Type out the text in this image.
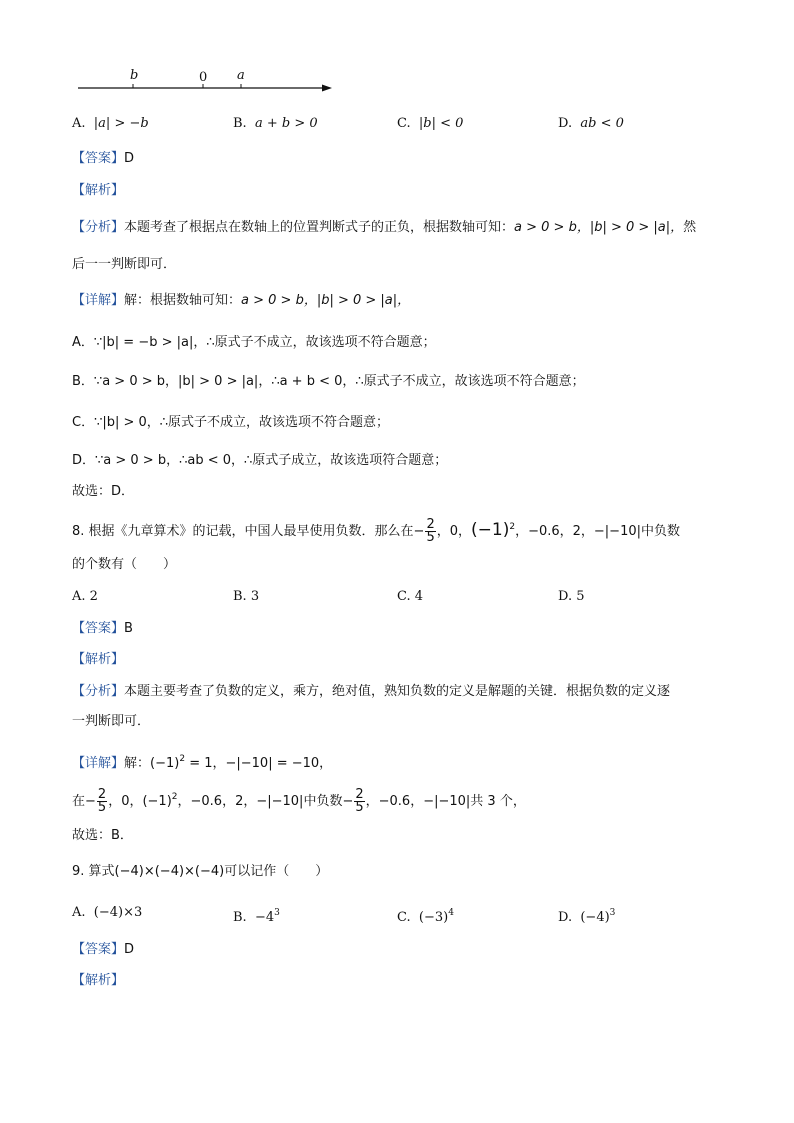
b	0 a
A. |a| > −b	B. a + b > 0	C. |b| < 0	D. ab < 0
【答案】D
【解析】
【分析】本题考查了根据点在数轴上的位置判断式子的正负，根据数轴可知：a > 0 > b，|b| > 0 > |a|，然
后一一判断即可．
【详解】解：根据数轴可知：a > 0 > b，|b| > 0 > |a|，
A．∵|b| = −b > |a|，∴原式子不成立，故该选项不符合题意；
B．∵a > 0 > b，|b| > 0 > |a|，∴a + b < 0，∴原式子不成立，故该选项不符合题意；
C．∵|b| > 0，∴原式子不成立，故该选项不符合题意；
D．∵a > 0 > b，∴ab < 0，∴原式子成立，故该选项符合题意；
故选：D．
8. 根据《九章算术》的记载，中国人最早使用负数．那么在− $\frac{2}{5}$ ，0，$(-1)^2$，−0.6，2，−|−10|中负数
的个数有（　　）
A. 2	B. 3	C. 4	D. 5
【答案】B
【解析】
【分析】本题主要考查了负数的定义，乘方，绝对值，熟知负数的定义是解题的关键．根据负数的定义逐
一判断即可．
【详解】解：$(-1)^2 = 1$，−|−10| = −10，
在− $\frac{2}{5}$ ，0，$(-1)^2$，−0.6，2，−|−10|中负数− $\frac{2}{5}$ ，−0.6，−|−10|共 3 个，
故选：B．
9. 算式(−4)×(−4)×(−4)可以记作（　　）
A. (−4)×3	B. $-4^3$	C. $(-3)^4$	D. $(-4)^3$
【答案】D
【解析】
